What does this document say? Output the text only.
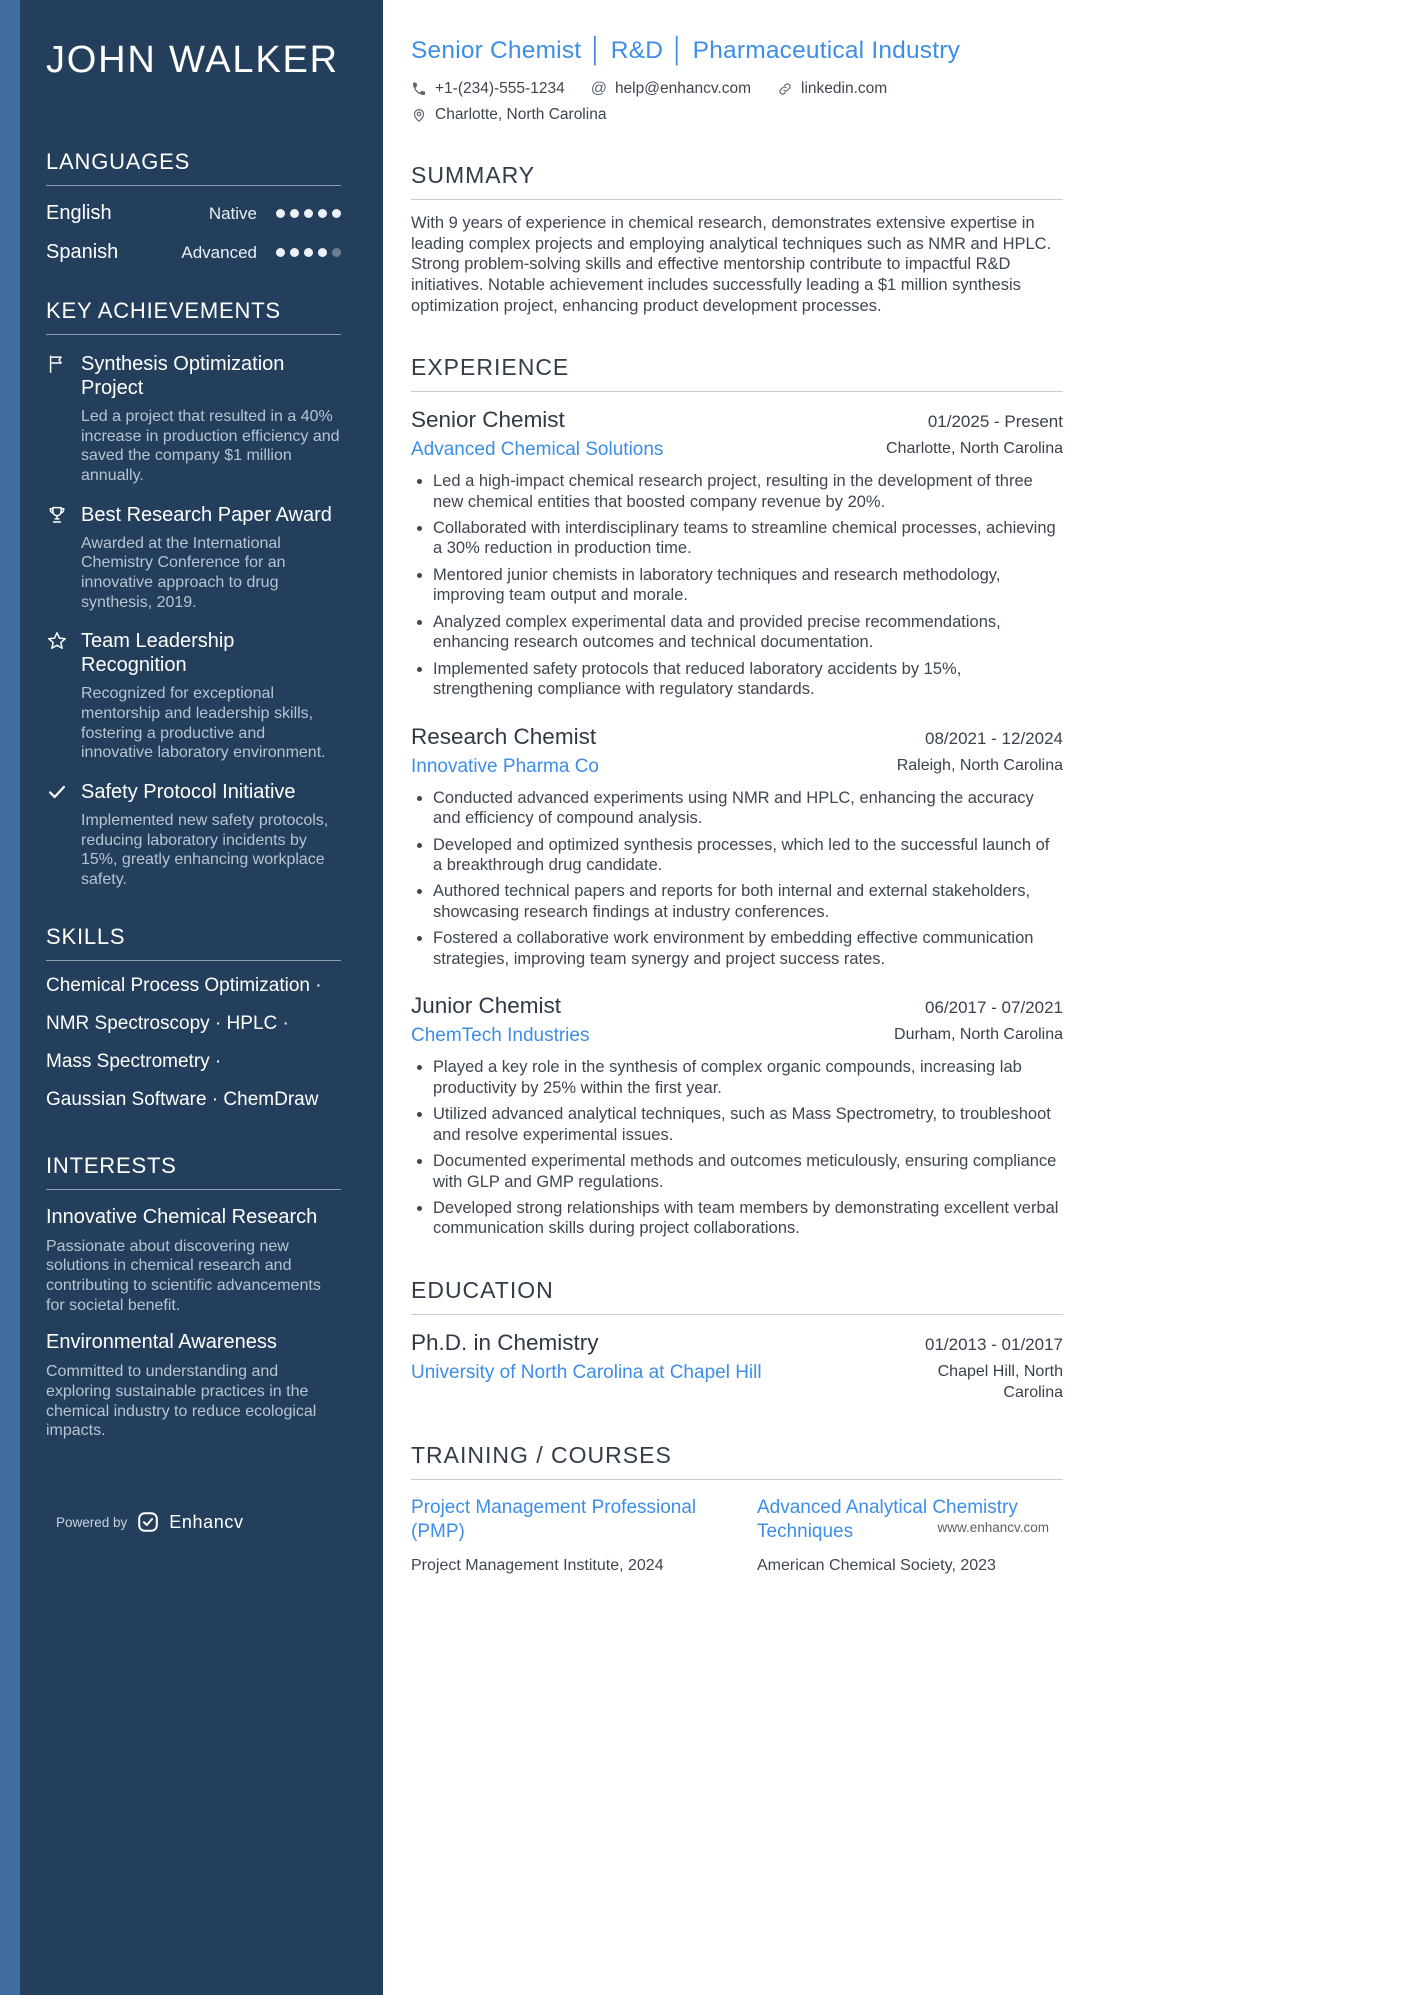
JOHN WALKER
LANGUAGES
English	Native
Spanish	Advanced
KEY ACHIEVEMENTS
Synthesis Optimization Project
Led a project that resulted in a 40% increase in production efficiency and saved the company $1 million annually.
Best Research Paper Award
Awarded at the International Chemistry Conference for an innovative approach to drug synthesis, 2019.
Team Leadership Recognition
Recognized for exceptional mentorship and leadership skills, fostering a productive and innovative laboratory environment.
Safety Protocol Initiative
Implemented new safety protocols, reducing laboratory incidents by 15%, greatly enhancing workplace safety.
SKILLS
Chemical Process Optimization ·
NMR Spectroscopy · HPLC ·
Mass Spectrometry ·
Gaussian Software · ChemDraw
INTERESTS
Innovative Chemical Research
Passionate about discovering new solutions in chemical research and contributing to scientific advancements for societal benefit.
Environmental Awareness
Committed to understanding and exploring sustainable practices in the chemical industry to reduce ecological impacts.
Powered by Enhancv
Senior Chemist │ R&D │ Pharmaceutical Industry
+1-(234)-555-1234 @ help@enhancv.com	linkedin.com
Charlotte, North Carolina
SUMMARY

With 9 years of experience in chemical research, demonstrates extensive expertise in leading complex projects and employing analytical techniques such as NMR and HPLC. Strong problem-solving skills and effective mentorship contribute to impactful R&D initiatives. Notable achievement includes successfully leading a $1 million synthesis optimization project, enhancing product development processes.

EXPERIENCE
Senior Chemist	01/2025 - Present
Advanced Chemical Solutions	Charlotte, North Carolina
• Led a high-impact chemical research project, resulting in the development of three new chemical entities that boosted company revenue by 20%.
• Collaborated with interdisciplinary teams to streamline chemical processes, achieving a 30% reduction in production time.
• Mentored junior chemists in laboratory techniques and research methodology, improving team output and morale.
• Analyzed complex experimental data and provided precise recommendations, enhancing research outcomes and technical documentation.
• Implemented safety protocols that reduced laboratory accidents by 15%, strengthening compliance with regulatory standards.
Research Chemist	08/2021 - 12/2024
Innovative Pharma Co	Raleigh, North Carolina
• Conducted advanced experiments using NMR and HPLC, enhancing the accuracy and efficiency of compound analysis.
• Developed and optimized synthesis processes, which led to the successful launch of a breakthrough drug candidate.
• Authored technical papers and reports for both internal and external stakeholders, showcasing research findings at industry conferences.
• Fostered a collaborative work environment by embedding effective communication strategies, improving team synergy and project success rates.
Junior Chemist	06/2017 - 07/2021
ChemTech Industries	Durham, North Carolina
• Played a key role in the synthesis of complex organic compounds, increasing lab productivity by 25% within the first year.
• Utilized advanced analytical techniques, such as Mass Spectrometry, to troubleshoot and resolve experimental issues.
• Documented experimental methods and outcomes meticulously, ensuring compliance with GLP and GMP regulations.
• Developed strong relationships with team members by demonstrating excellent verbal communication skills during project collaborations.
EDUCATION
Ph.D. in Chemistry	01/2013 - 01/2017
University of North Carolina at Chapel Hill	Chapel Hill, North Carolina
TRAINING / COURSES
Project Management Professional (PMP)
Project Management Institute, 2024
Advanced Analytical Chemistry Techniques
American Chemical Society, 2023
www.enhancv.com
